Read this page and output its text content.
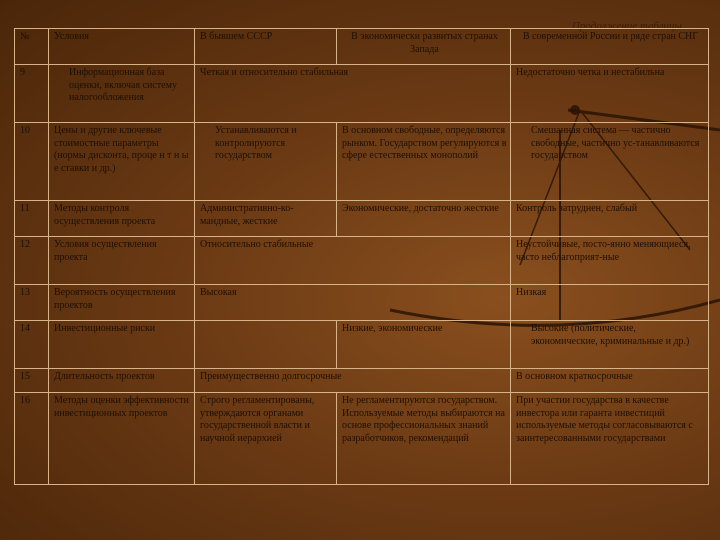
Продолжение таблицы
№	Условия	В бывшем СССР	В экономически развитых странах Запада	В современной России и ряде стран СНГ
9	Информационная база оценки, включая систему налогообложения	Четкая и относительно стабильная		Недостаточно четка и нестабильна
10	Цены и другие ключевые стоимостные параметры (нормы дисконта, проце н т н ы е ставки и др.)	Устанавливаются и контролируются государством	В основном свободные, определяются рынком. Государством регулируются в сфере естественных монополий	Смешанная система — частично свободные, частично ус-танавливаются государством
11	Методы контроля осуществления проекта	Административно-ко-мандные, жесткие	Экономические, достаточно жесткие	Контроль затруднен, слабый
12	Условия осуществления проекта	Относительно стабильные		Неустойчивые, посто-янно меняющиеся, часто неблагоприят-ные
13	Вероятность осуществления проектов	Высокая		Низкая
14	Инвестиционные риски		Низкие, экономические	Высокие (политические, экономические, криминальные и др.)
15	Длительность проектов	Преимущественно долгосрочные		В основном краткосрочные
16	Методы оценки эффективности инвестиционных проектов	Строго регламентированы, утверждаются органами государственной власти и научной иерархией	Не регламентируются государством. Используемые методы выбираются на основе профессиональных знаний разработчиков, рекомендаций	При участии государства в качестве инвестора или гаранта инвестиций используемые методы согласовываются с заинтересованными государствами
